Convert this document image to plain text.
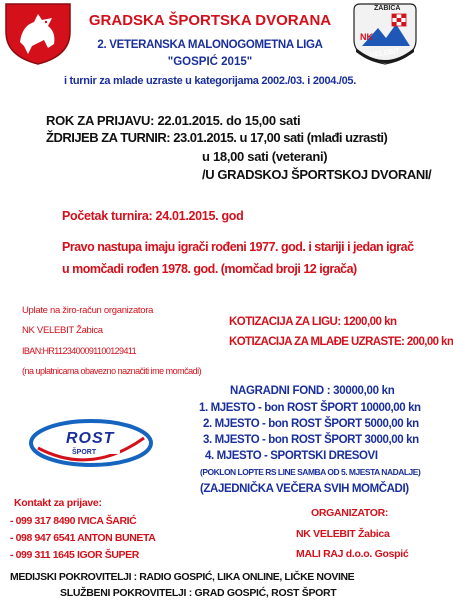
ŽABICA
NK
VELEBIT
GRADSKA ŠPORTSKA DVORANA
2. VETERANSKA MALONOGOMETNA LIGA
"GOSPIĆ 2015"
i turnir za mlade uzraste u kategorijama 2002./03. i 2004./05.
ROK ZA PRIJAVU: 22.01.2015. do 15,00 sati
ŽDRIJEB ZA TURNIR: 23.01.2015. u 17,00 sati (mlađi uzrasti)
u 18,00 sati (veterani)
/U GRADSKOJ ŠPORTSKOJ DVORANI/
Početak turnira: 24.01.2015. god
Pravo nastupa imaju igrači rođeni 1977. god. i stariji i jedan igrač
u momčadi rođen 1978. god. (momčad broji 12 igrača)
Uplate na žiro-račun organizatora
NK VELEBIT Žabica
IBAN:HR1123400091100129411
(na uplatnicama obavezno naznačiti ime momčadi)
KOTIZACIJA ZA LIGU: 1200,00 kn
KOTIZACIJA ZA MLAĐE UZRASTE: 200,00 kn
NAGRADNI FOND : 30000,00 kn
1. MJESTO - bon ROST ŠPORT 10000,00 kn
2. MJESTO - bon ROST ŠPORT 5000,00 kn
3. MJESTO - bon ROST ŠPORT 3000,00 kn
4. MJESTO - SPORTSKI DRESOVI
(POKLON LOPTE RS LINE SAMBA OD 5. MJESTA NADALJE)
(ZAJEDNIČKA VEČERA SVIH MOMČADI)
ROST
ŠPORT
Kontakt za prijave:
- 099 317 8490 IVICA ŠARIĆ
- 098 947 6541 ANTON BUNETA
- 099 311 1645 IGOR ŠUPER
ORGANIZATOR:
NK VELEBIT Žabica
MALI RAJ d.o.o. Gospić
MEDIJSKI POKROVITELJI : RADIO GOSPIĆ, LIKA ONLINE, LIČKE NOVINE
SLUŽBENI POKROVITELJI : GRAD GOSPIĆ, ROST ŠPORT
